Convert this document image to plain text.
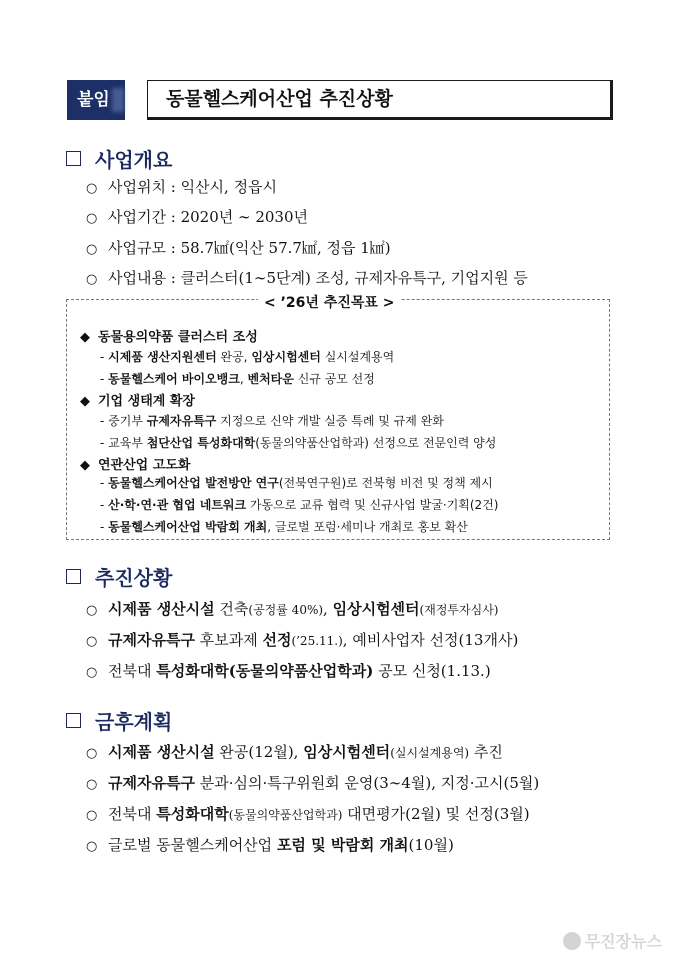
붙임	동물헬스케어산업 추진상황
사업개요
○ 사업위치 : 익산시, 정읍시
○ 사업기간 : 2020년 ∼ 2030년
○ 사업규모 : 58.7㎢(익산 57.7㎢, 정읍 1㎢)
○ 사업내용 : 클러스터(1∼5단계) 조성, 규제자유특구, 기업지원 등
< ’26년 추진목표 >
◆ 동물용의약품 클러스터 조성
- 시제품 생산지원센터 완공, 임상시험센터 실시설계용역
- 동물헬스케어 바이오뱅크, 벤처타운 신규 공모 선정
◆ 기업 생태계 확장
- 중기부 규제자유특구 지정으로 신약 개발 실증 특례 및 규제 완화
- 교육부 첨단산업 특성화대학(동물의약품산업학과) 선정으로 전문인력 양성
◆ 연관산업 고도화
- 동물헬스케어산업 발전방안 연구(전북연구원)로 전북형 비전 및 정책 제시
- 산·학·연·관 협업 네트워크 가동으로 교류 협력 및 신규사업 발굴·기획(2건)
- 동물헬스케어산업 박람회 개최, 글로벌 포럼·세미나 개최로 홍보 확산
추진상황
○ 시제품 생산시설 건축(공정률 40%), 임상시험센터(재정투자심사)
○ 규제자유특구 후보과제 선정(’25.11.), 예비사업자 선정(13개사)
○ 전북대 특성화대학(동물의약품산업학과) 공모 신청(1.13.)
금후계획
○ 시제품 생산시설 완공(12월), 임상시험센터(실시설계용역) 추진
○ 규제자유특구 분과·심의·특구위원회 운영(3∼4월), 지정·고시(5월)
○ 전북대 특성화대학(동물의약품산업학과) 대면평가(2월) 및 선정(3월)
○ 글로벌 동물헬스케어산업 포럼 및 박람회 개최(10월)
무진장뉴스
